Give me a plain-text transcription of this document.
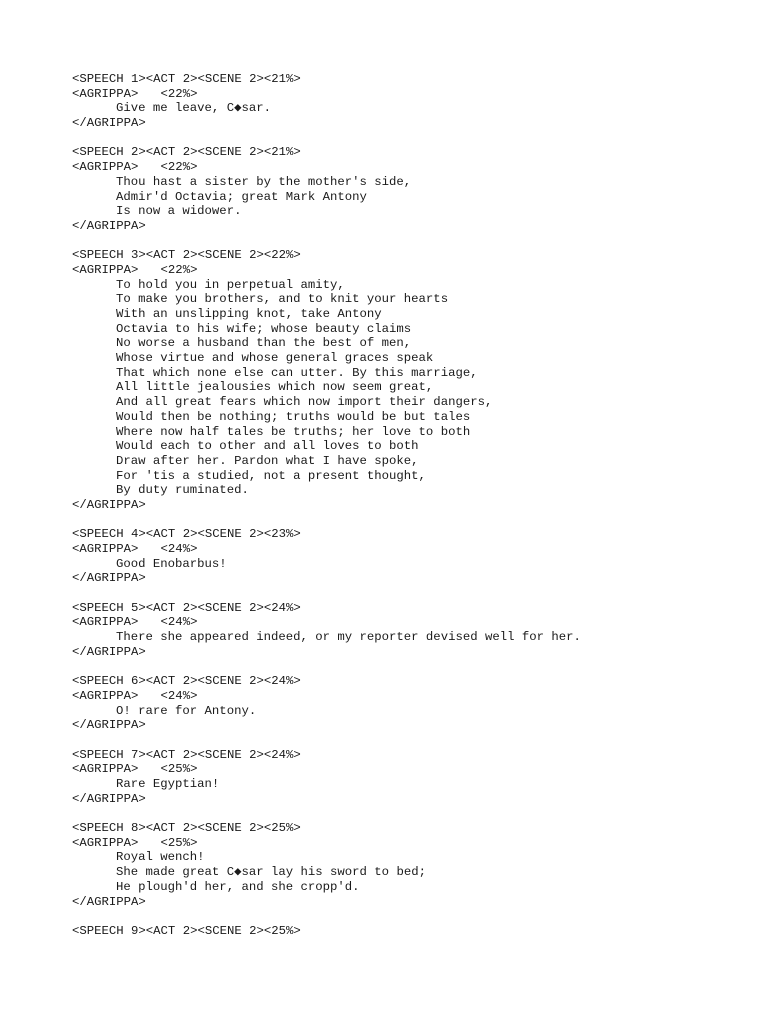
<SPEECH 1><ACT 2><SCENE 2><21%>
<AGRIPPA>   <22%>
Give me leave, C◆sar.
</AGRIPPA>
<SPEECH 2><ACT 2><SCENE 2><21%>
<AGRIPPA>   <22%>
Thou hast a sister by the mother's side,
Admir'd Octavia; great Mark Antony
Is now a widower.
</AGRIPPA>
<SPEECH 3><ACT 2><SCENE 2><22%>
<AGRIPPA>   <22%>
To hold you in perpetual amity,
To make you brothers, and to knit your hearts
With an unslipping knot, take Antony
Octavia to his wife; whose beauty claims
No worse a husband than the best of men,
Whose virtue and whose general graces speak
That which none else can utter. By this marriage,
All little jealousies which now seem great,
And all great fears which now import their dangers,
Would then be nothing; truths would be but tales
Where now half tales be truths; her love to both
Would each to other and all loves to both
Draw after her. Pardon what I have spoke,
For 'tis a studied, not a present thought,
By duty ruminated.
</AGRIPPA>
<SPEECH 4><ACT 2><SCENE 2><23%>
<AGRIPPA>   <24%>
Good Enobarbus!
</AGRIPPA>
<SPEECH 5><ACT 2><SCENE 2><24%>
<AGRIPPA>   <24%>
There she appeared indeed, or my reporter devised well for her.
</AGRIPPA>
<SPEECH 6><ACT 2><SCENE 2><24%>
<AGRIPPA>   <24%>
O! rare for Antony.
</AGRIPPA>
<SPEECH 7><ACT 2><SCENE 2><24%>
<AGRIPPA>   <25%>
Rare Egyptian!
</AGRIPPA>
<SPEECH 8><ACT 2><SCENE 2><25%>
<AGRIPPA>   <25%>
Royal wench!
She made great C◆sar lay his sword to bed;
He plough'd her, and she cropp'd.
</AGRIPPA>
<SPEECH 9><ACT 2><SCENE 2><25%>
